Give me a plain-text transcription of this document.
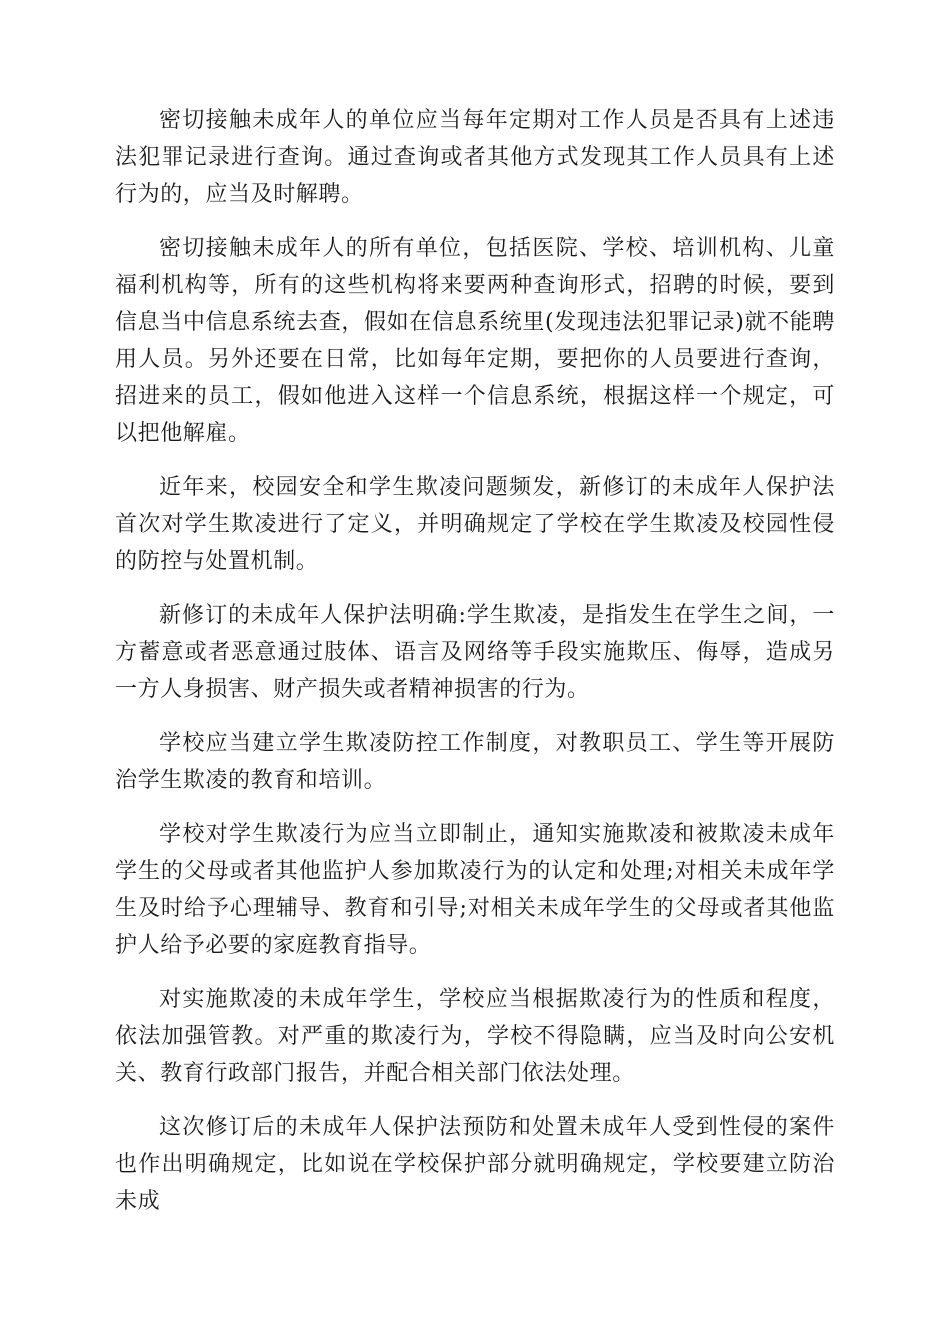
密切接触未成年人的单位应当每年定期对工作人员是否具有上述违法犯罪记录进行查询。通过查询或者其他方式发现其工作人员具有上述行为的，应当及时解聘。

密切接触未成年人的所有单位，包括医院、学校、培训机构、儿童福利机构等，所有的这些机构将来要两种查询形式，招聘的时候，要到信息当中信息系统去查，假如在信息系统里(发现违法犯罪记录)就不能聘用人员。另外还要在日常，比如每年定期，要把你的人员要进行查询，招进来的员工，假如他进入这样一个信息系统，根据这样一个规定，可以把他解雇。

近年来，校园安全和学生欺凌问题频发，新修订的未成年人保护法首次对学生欺凌进行了定义，并明确规定了学校在学生欺凌及校园性侵的防控与处置机制。

新修订的未成年人保护法明确:学生欺凌，是指发生在学生之间，一方蓄意或者恶意通过肢体、语言及网络等手段实施欺压、侮辱，造成另一方人身损害、财产损失或者精神损害的行为。

学校应当建立学生欺凌防控工作制度，对教职员工、学生等开展防治学生欺凌的教育和培训。

学校对学生欺凌行为应当立即制止，通知实施欺凌和被欺凌未成年学生的父母或者其他监护人参加欺凌行为的认定和处理;对相关未成年学生及时给予心理辅导、教育和引导;对相关未成年学生的父母或者其他监护人给予必要的家庭教育指导。

对实施欺凌的未成年学生，学校应当根据欺凌行为的性质和程度，依法加强管教。对严重的欺凌行为，学校不得隐瞒，应当及时向公安机关、教育行政部门报告，并配合相关部门依法处理。

这次修订后的未成年人保护法预防和处置未成年人受到性侵的案件也作出明确规定，比如说在学校保护部分就明确规定，学校要建立防治未成
